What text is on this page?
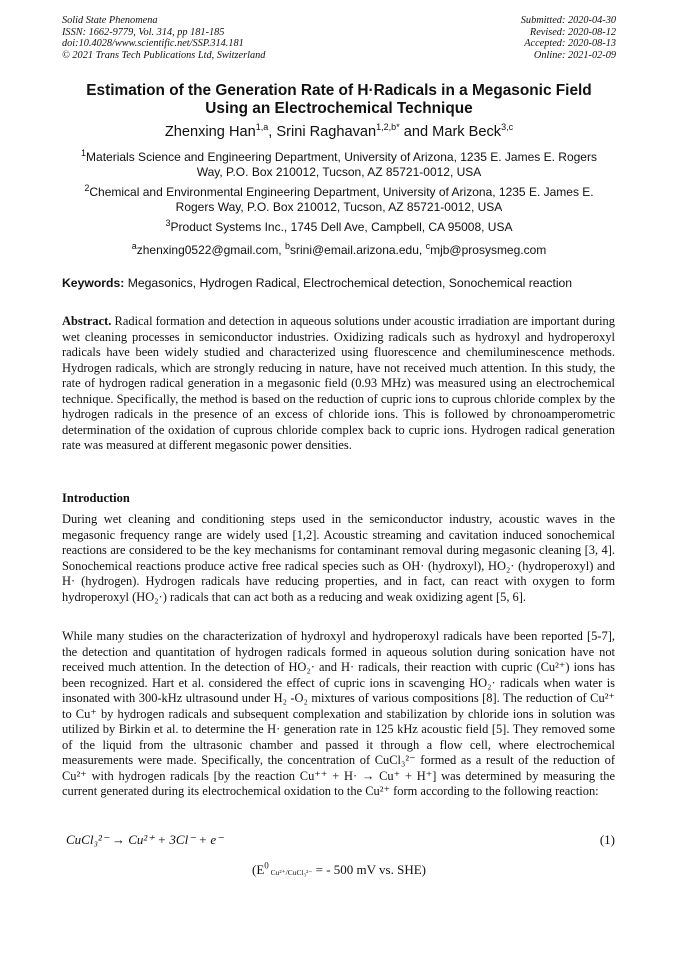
Solid State Phenomena
ISSN: 1662-9779, Vol. 314, pp 181-185
doi:10.4028/www.scientific.net/SSP.314.181
© 2021 Trans Tech Publications Ltd, Switzerland
Submitted: 2020-04-30
Revised: 2020-08-12
Accepted: 2020-08-13
Online: 2021-02-09
Estimation of the Generation Rate of H·Radicals in a Megasonic Field
Using an Electrochemical Technique
Zhenxing Han$^{1,a}$, Srini Raghavan$^{1,2,b*}$ and Mark Beck$^{3,c}$
$^1$Materials Science and Engineering Department, University of Arizona, 1235 E. James E. Rogers Way, P.O. Box 210012, Tucson, AZ 85721-0012, USA
$^2$Chemical and Environmental Engineering Department, University of Arizona, 1235 E. James E. Rogers Way, P.O. Box 210012, Tucson, AZ 85721-0012, USA
$^3$Product Systems Inc., 1745 Dell Ave, Campbell, CA 95008, USA
$^a$zhenxing0522@gmail.com, $^b$srini@email.arizona.edu, $^c$mjb@prosysmeg.com
Keywords: Megasonics, Hydrogen Radical, Electrochemical detection, Sonochemical reaction
Abstract. Radical formation and detection in aqueous solutions under acoustic irradiation are important during wet cleaning processes in semiconductor industries. Oxidizing radicals such as hydroxyl and hydroperoxyl radicals have been widely studied and characterized using fluorescence and chemiluminescence methods. Hydrogen radicals, which are strongly reducing in nature, have not received much attention. In this study, the rate of hydrogen radical generation in a megasonic field (0.93 MHz) was measured using an electrochemical technique. Specifically, the method is based on the reduction of cupric ions to cuprous chloride complex by the hydrogen radicals in the presence of an excess of chloride ions. This is followed by chronoamperometric determination of the oxidation of cuprous chloride complex back to cupric ions. Hydrogen radical generation rate was measured at different megasonic power densities.
Introduction
During wet cleaning and conditioning steps used in the semiconductor industry, acoustic waves in the megasonic frequency range are widely used [1,2]. Acoustic streaming and cavitation induced sonochemical reactions are considered to be the key mechanisms for contaminant removal during megasonic cleaning [3, 4]. Sonochemical reactions produce active free radical species such as OH· (hydroxyl), HO₂· (hydroperoxyl) and H· (hydrogen). Hydrogen radicals have reducing properties, and in fact, can react with oxygen to form hydroperoxyl (HO₂·) radicals that can act both as a reducing and weak oxidizing agent [5, 6].
While many studies on the characterization of hydroxyl and hydroperoxyl radicals have been reported [5-7], the detection and quantitation of hydrogen radicals formed in aqueous solution during sonication have not received much attention. In the detection of HO₂· and H· radicals, their reaction with cupric (Cu²⁺) ions has been recognized. Hart et al. considered the effect of cupric ions in scavenging HO₂· radicals when water is insonated with 300-kHz ultrasound under H₂ -O₂ mixtures of various compositions [8]. The reduction of Cu²⁺ to Cu⁺ by hydrogen radicals and subsequent complexation and stabilization by chloride ions in solution was utilized by Birkin et al. to determine the H· generation rate in 125 kHz acoustic field [5]. They removed some of the liquid from the ultrasonic chamber and passed it through a flow cell, where electrochemical measurements were made. Specifically, the concentration of CuCl₃²⁻ formed as a result of the reduction of Cu²⁺ with hydrogen radicals [by the reaction Cu⁺⁺ + H· → Cu⁺ + H⁺] was determined by measuring the current generated during its electrochemical oxidation to the Cu²⁺ form according to the following reaction:
CuCl₃²⁻ → Cu²⁺ + 3Cl⁻ + e⁻	(1)
($E^0$ Cu²⁺/CuCl₃²⁻ = - 500 mV vs. SHE)
